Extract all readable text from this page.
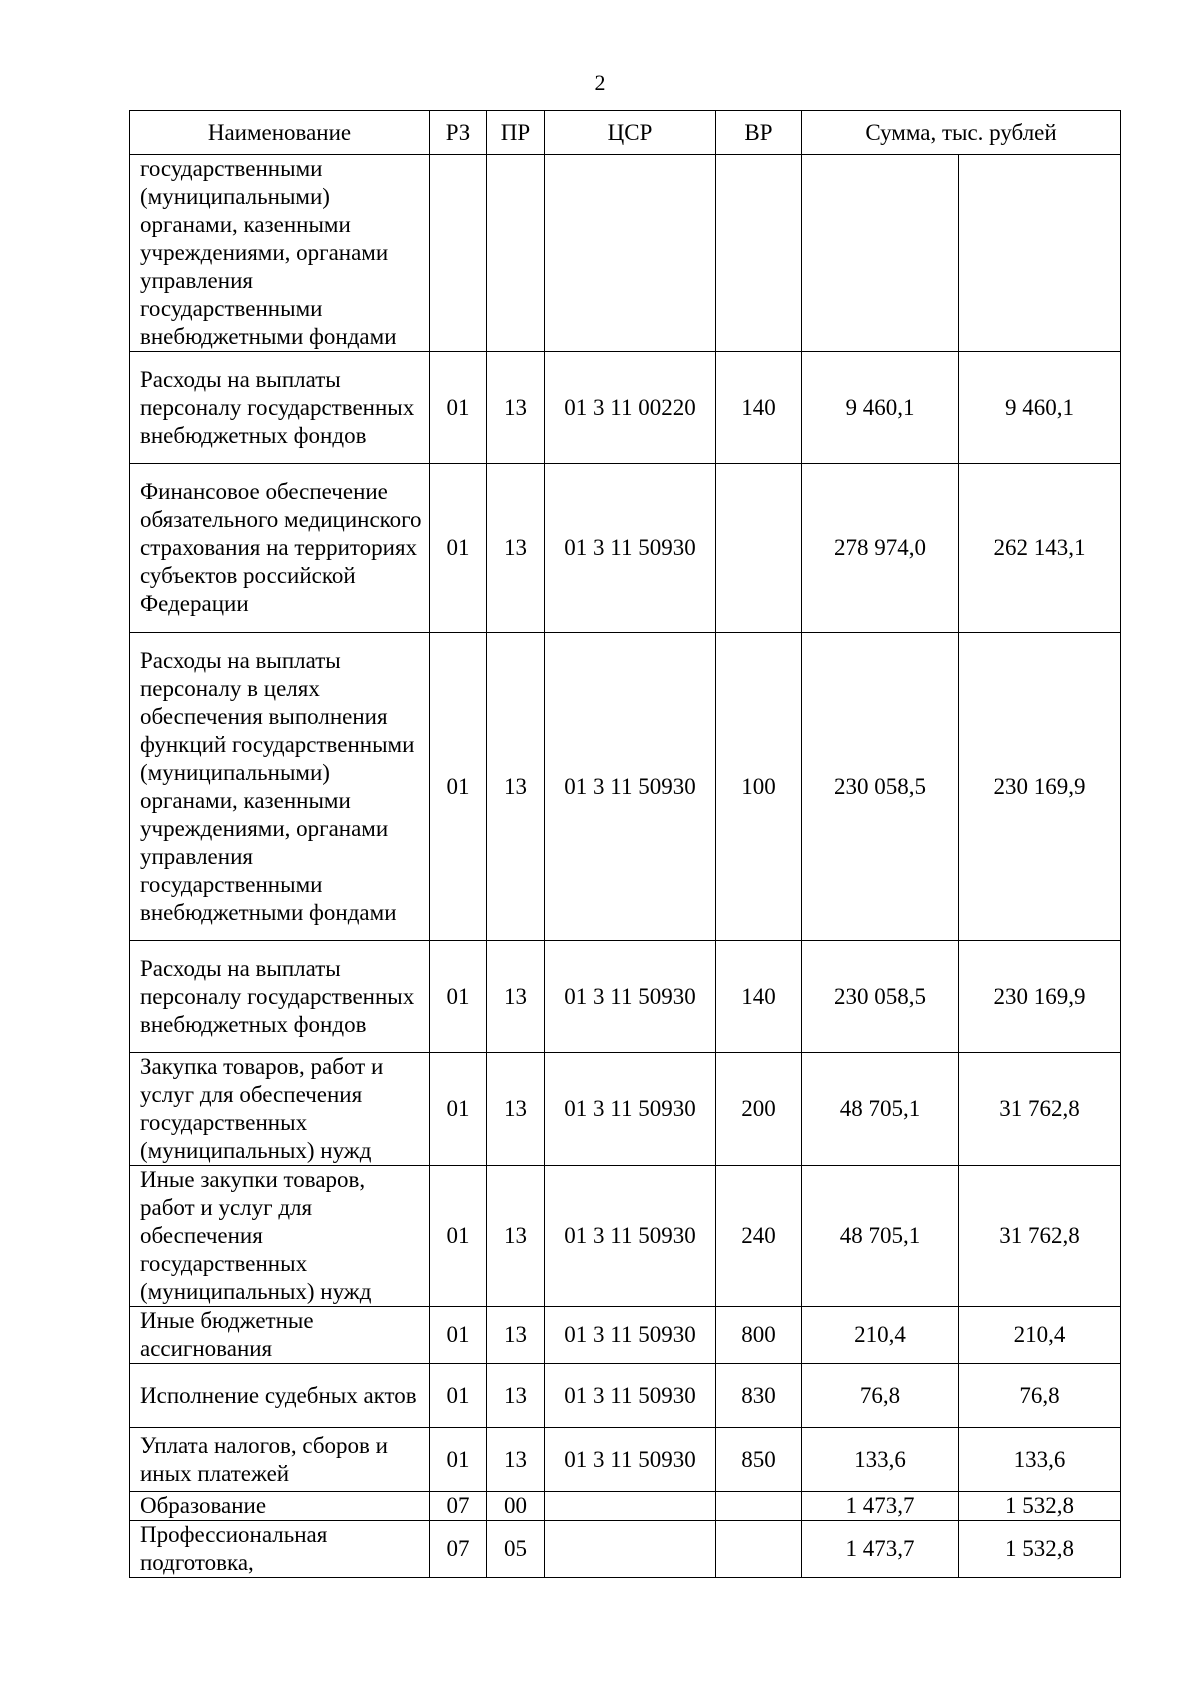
2
Наименование	РЗ	ПР	ЦСР	ВР	Сумма, тыс. рублей	
государственными (муниципальными) органами, казенными учреждениями, органами управления государственными внебюджетными фондами						
Расходы на выплаты персоналу государственных внебюджетных фондов	01	13	01 3 11 00220	140	9 460,1	9 460,1
Финансовое обеспечение обязательного медицинского страхования на территориях субъектов российской Федерации	01	13	01 3 11 50930		278 974,0	262 143,1
Расходы на выплаты персоналу в целях обеспечения выполнения функций государственными (муниципальными) органами, казенными учреждениями, органами управления государственными внебюджетными фондами	01	13	01 3 11 50930	100	230 058,5	230 169,9
Расходы на выплаты персоналу государственных внебюджетных фондов	01	13	01 3 11 50930	140	230 058,5	230 169,9
Закупка товаров, работ и услуг для обеспечения государственных (муниципальных) нужд	01	13	01 3 11 50930	200	48 705,1	31 762,8
Иные закупки товаров, работ и услуг для обеспечения государственных (муниципальных) нужд	01	13	01 3 11 50930	240	48 705,1	31 762,8
Иные бюджетные ассигнования	01	13	01 3 11 50930	800	210,4	210,4
Исполнение судебных актов	01	13	01 3 11 50930	830	76,8	76,8
Уплата налогов, сборов и иных платежей	01	13	01 3 11 50930	850	133,6	133,6
Образование	07	00			1 473,7	1 532,8
Профессиональная подготовка,	07	05			1 473,7	1 532,8
